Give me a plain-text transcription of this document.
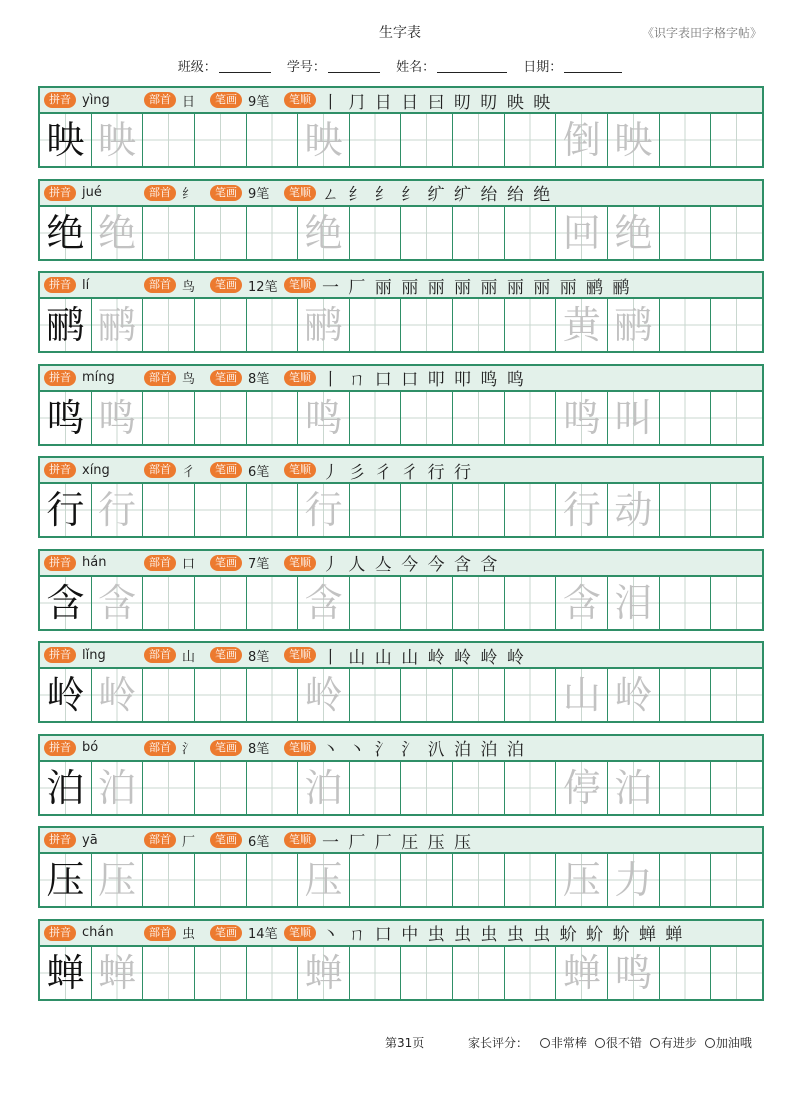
生字表	《识字表田字格字帖》
班级：	学号：	姓名：	日期：
拼音 yìng	部首 日	笔画 9笔	笔顺 丨 ⺆ 日 日 ⽈ 旫 旫 映 映
映 映	映	倒 映
拼音 jué	部首 纟	笔画 9笔	笔顺 ㄥ 纟 纟 纟 纩 纩 绐 绐 绝
绝 绝	绝	回 绝
拼音 lí	部首 鸟	笔画 12笔	笔顺 一 厂 丽 丽 丽 丽 丽 丽 丽 丽 鹂 鹂
鹂 鹂	鹂	黄 鹂
拼音 míng	部首 鸟	笔画 8笔	笔顺 丨 ㄇ 口 口 叩 叩 鸣 鸣
鸣 鸣	鸣	鸣 叫
拼音 xíng	部首 彳	笔画 6笔	笔顺 丿 彡 彳 彳 行 行
行 行	行	行 动
拼音 hán	部首 口	笔画 7笔	笔顺 丿 人 亼 今 今 含 含
含 含	含	含 泪
拼音 lǐng	部首 山	笔画 8笔	笔顺 丨 山 山 山 岭 岭 岭 岭
岭 岭	岭	山 岭
拼音 bó	部首 氵	笔画 8笔	笔顺 丶 丶 氵 氵 汃 泊 泊 泊
泊 泊	泊	停 泊
拼音 yā	部首 厂	笔画 6笔	笔顺 一 厂 厂 圧 压 压
压 压	压	压 力
拼音 chán	部首 虫	笔画 14笔	笔顺 丶 ㄇ 口 中 虫 虫 虫 虫 虫 蚧 蚧 蚧 蝉 蝉
蝉 蝉	蝉	蝉 鸣
第31页	家长评分： 非常棒 很不错 有进步 加油哦
